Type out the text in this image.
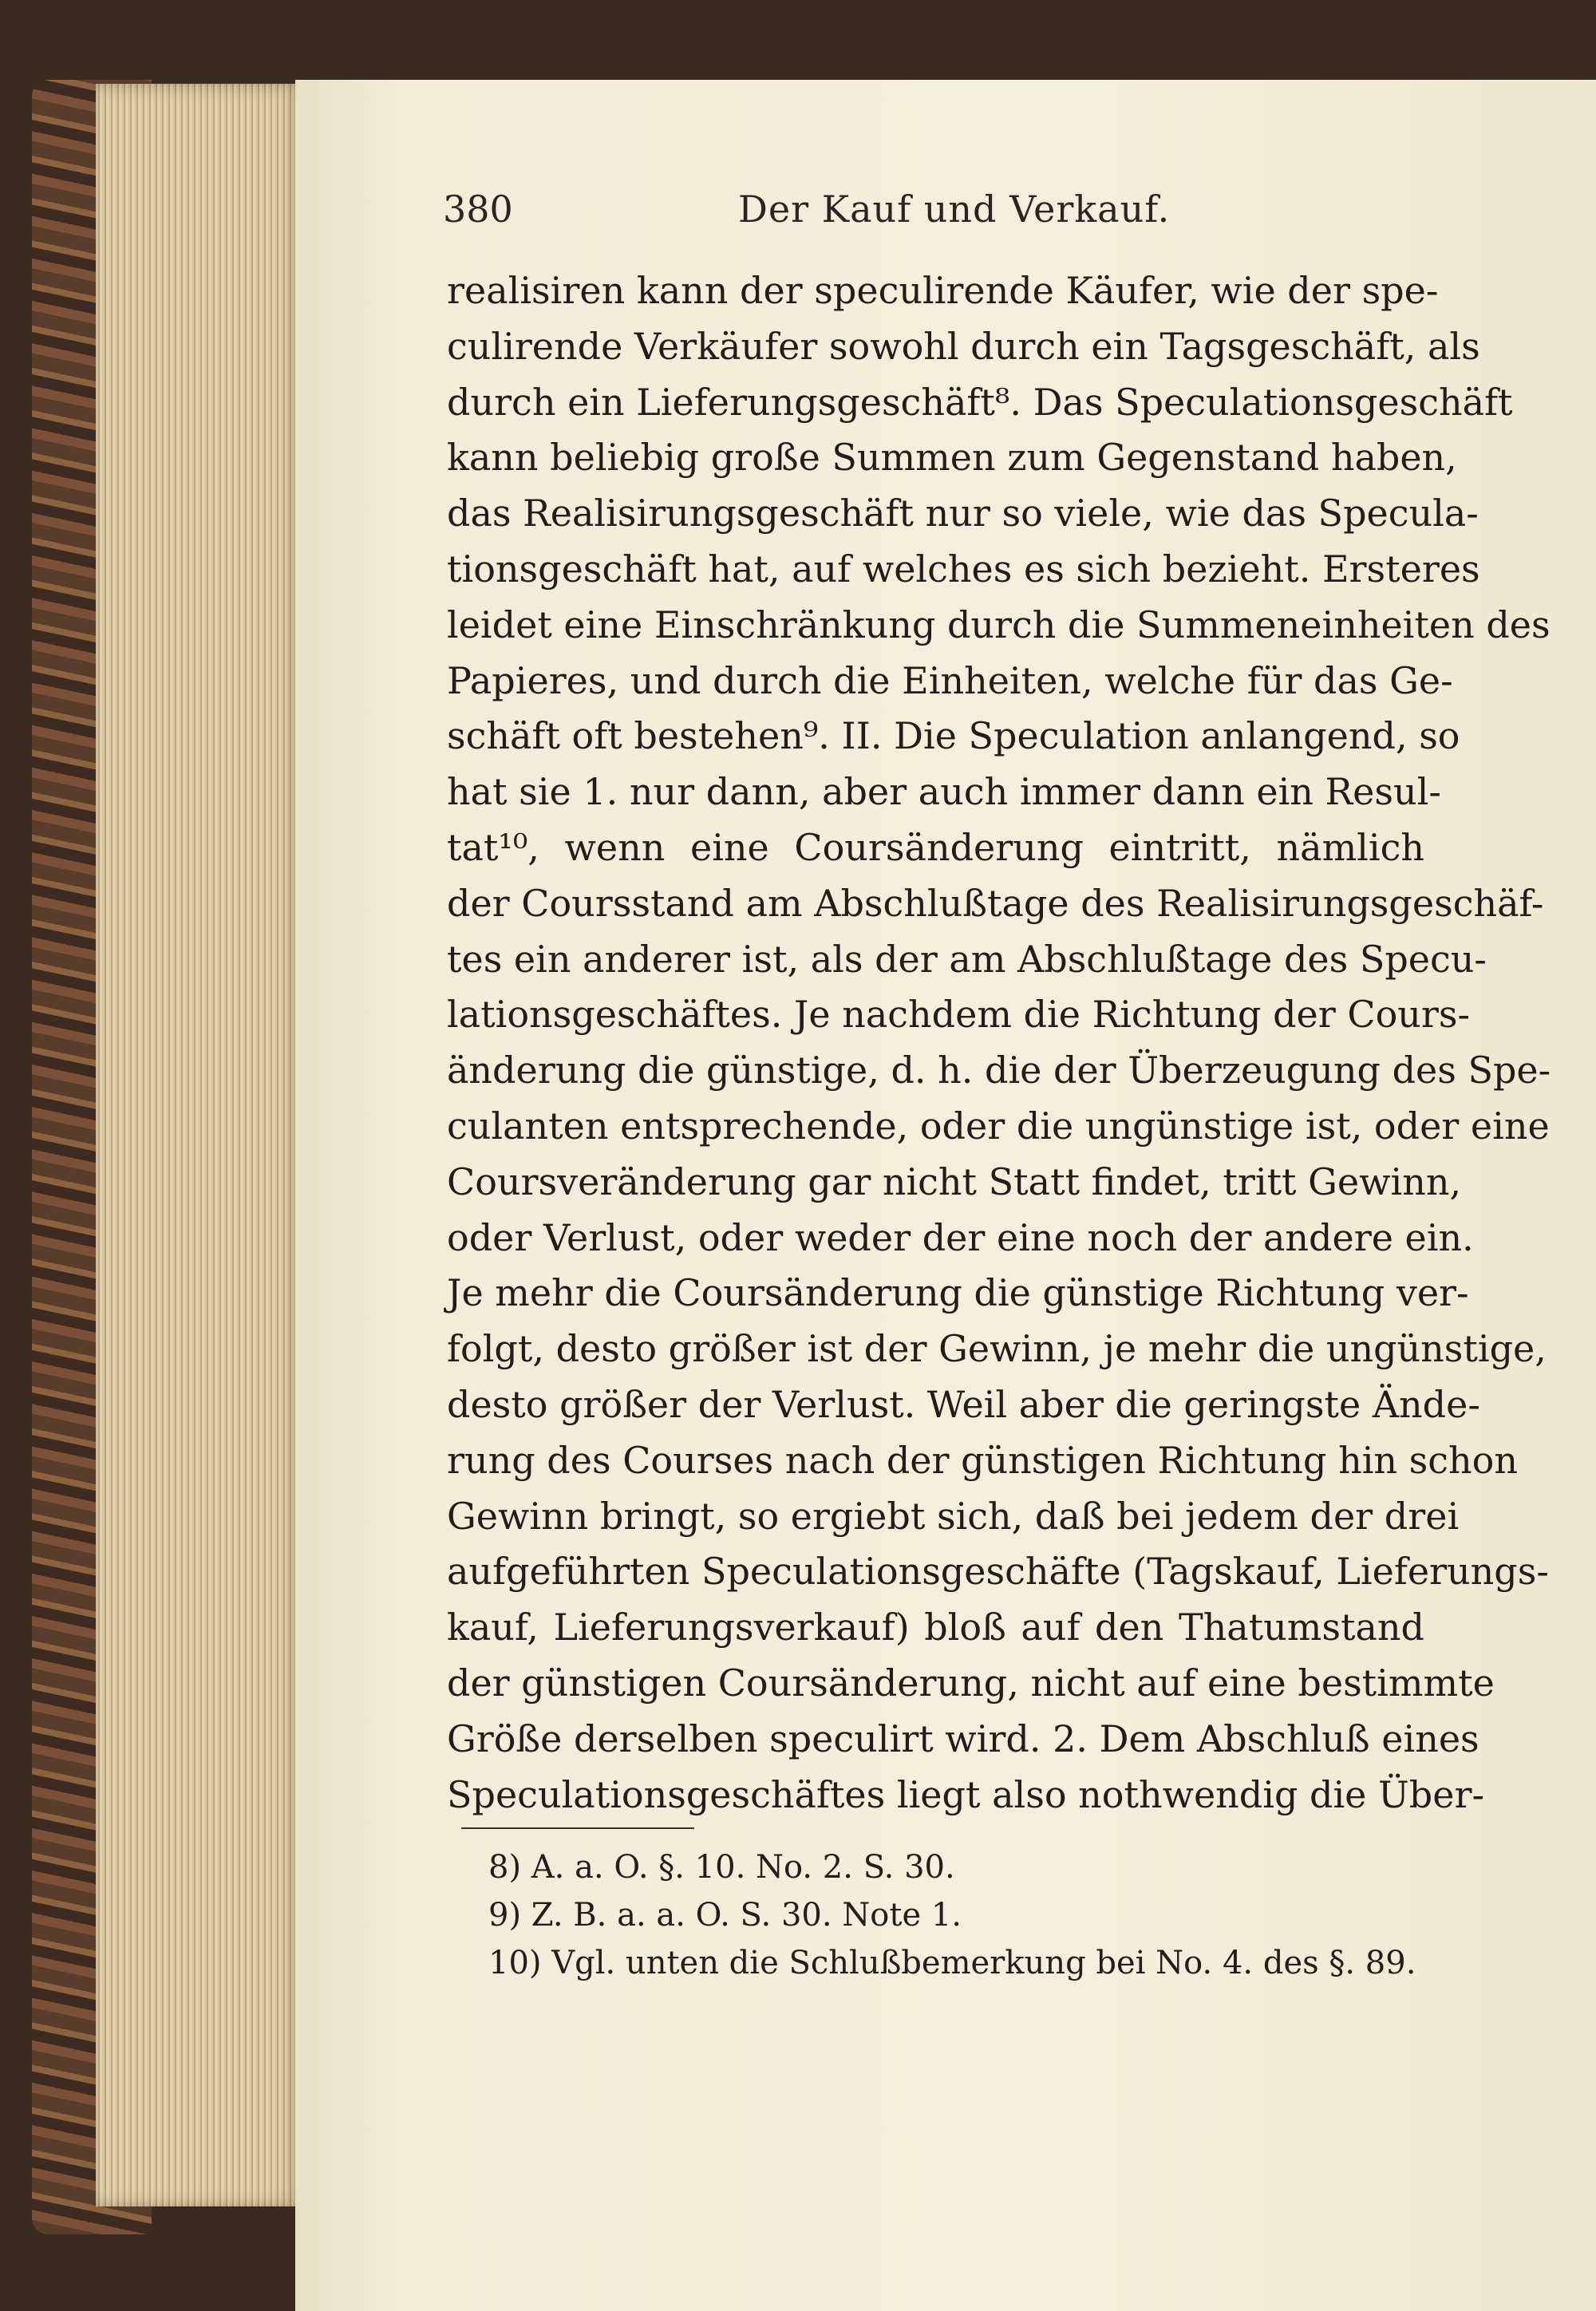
380	Der Kauf und Verkauf.
realisiren kann der speculirende Käufer, wie der spe-
culirende Verkäufer sowohl durch ein Tagsgeschäft, als
durch ein Lieferungsgeschäft⁸. Das Speculationsgeschäft
kann beliebig große Summen zum Gegenstand haben,
das Realisirungsgeschäft nur so viele, wie das Specula-
tionsgeschäft hat, auf welches es sich bezieht. Ersteres
leidet eine Einschränkung durch die Summeneinheiten des
Papieres, und durch die Einheiten, welche für das Ge-
schäft oft bestehen⁹. II. Die Speculation anlangend, so
hat sie 1. nur dann, aber auch immer dann ein Resul-
tat¹⁰, wenn eine Coursänderung eintritt, nämlich
der Coursstand am Abschlußtage des Realisirungsgeschäf-
tes ein anderer ist, als der am Abschlußtage des Specu-
lationsgeschäftes. Je nachdem die Richtung der Cours-
änderung die günstige, d. h. die der Überzeugung des Spe-
culanten entsprechende, oder die ungünstige ist, oder eine
Coursveränderung gar nicht Statt findet, tritt Gewinn,
oder Verlust, oder weder der eine noch der andere ein.
Je mehr die Coursänderung die günstige Richtung ver-
folgt, desto größer ist der Gewinn, je mehr die ungünstige,
desto größer der Verlust. Weil aber die geringste Ände-
rung des Courses nach der günstigen Richtung hin schon
Gewinn bringt, so ergiebt sich, daß bei jedem der drei
aufgeführten Speculationsgeschäfte (Tagskauf, Lieferungs-
kauf, Lieferungsverkauf) bloß auf den Thatumstand
der günstigen Coursänderung, nicht auf eine bestimmte
Größe derselben speculirt wird. 2. Dem Abschluß eines
Speculationsgeschäftes liegt also nothwendig die Über-
8) A. a. O. §. 10. No. 2. S. 30.
9) Z. B. a. a. O. S. 30. Note 1.
10) Vgl. unten die Schlußbemerkung bei No. 4. des §. 89.
